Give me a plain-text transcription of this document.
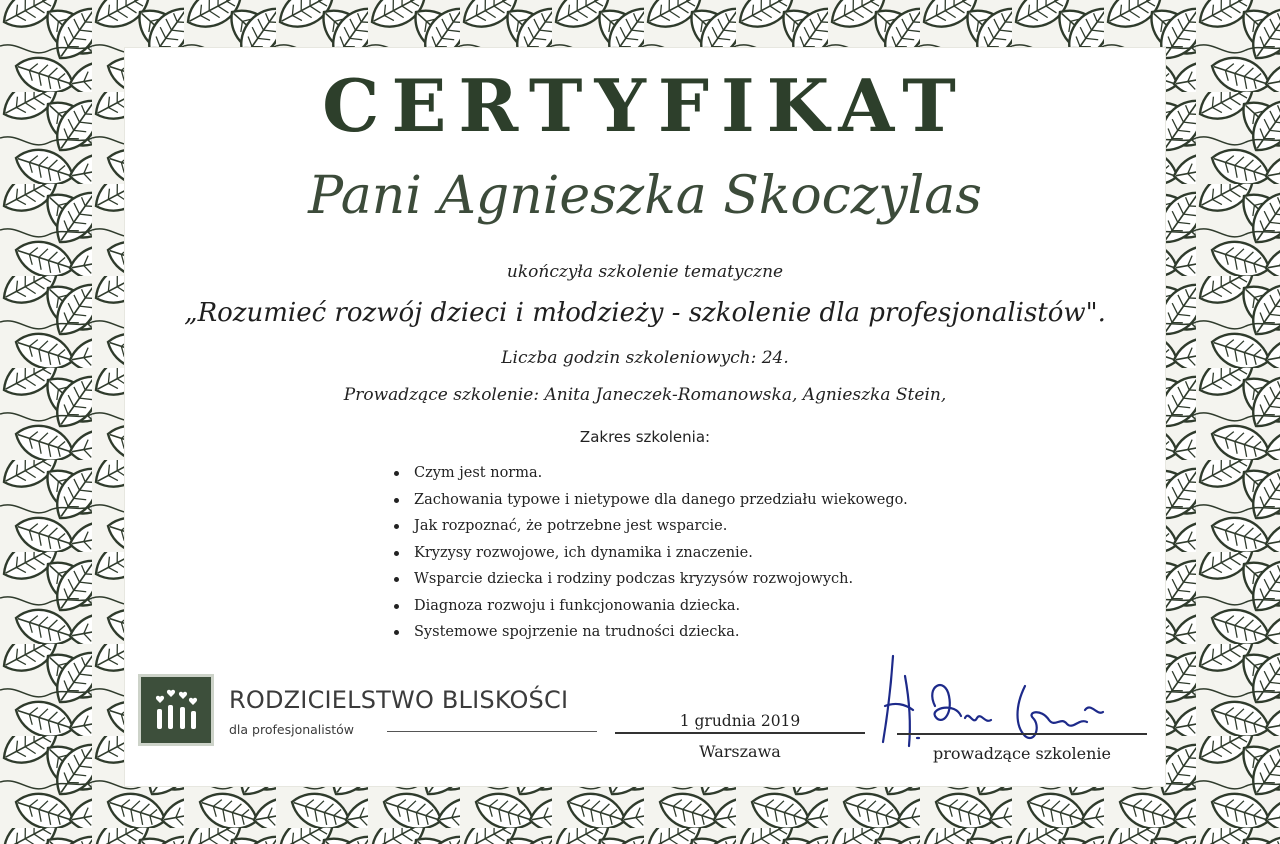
CERTYFIKAT
Pani Agnieszka Skoczylas
ukończyła szkolenie tematyczne
„Rozumieć rozwój dzieci i młodzieży - szkolenie dla profesjonalistów".
Liczba godzin szkoleniowych: 24.
Prowadzące szkolenie: Anita Janeczek-Romanowska, Agnieszka Stein,
Zakres szkolenia:
Czym jest norma.
Zachowania typowe i nietypowe dla danego przedziału wiekowego.
Jak rozpoznać, że potrzebne jest wsparcie.
Kryzysy rozwojowe, ich dynamika i znaczenie.
Wsparcie dziecka i rodziny podczas kryzysów rozwojowych.
Diagnoza rozwoju i funkcjonowania dziecka.
Systemowe spojrzenie na trudności dziecka.
RODZICIELSTWO BLISKOŚCI
dla profesjonalistów	1 grudnia 2019
Warszawa	prowadzące szkolenie
